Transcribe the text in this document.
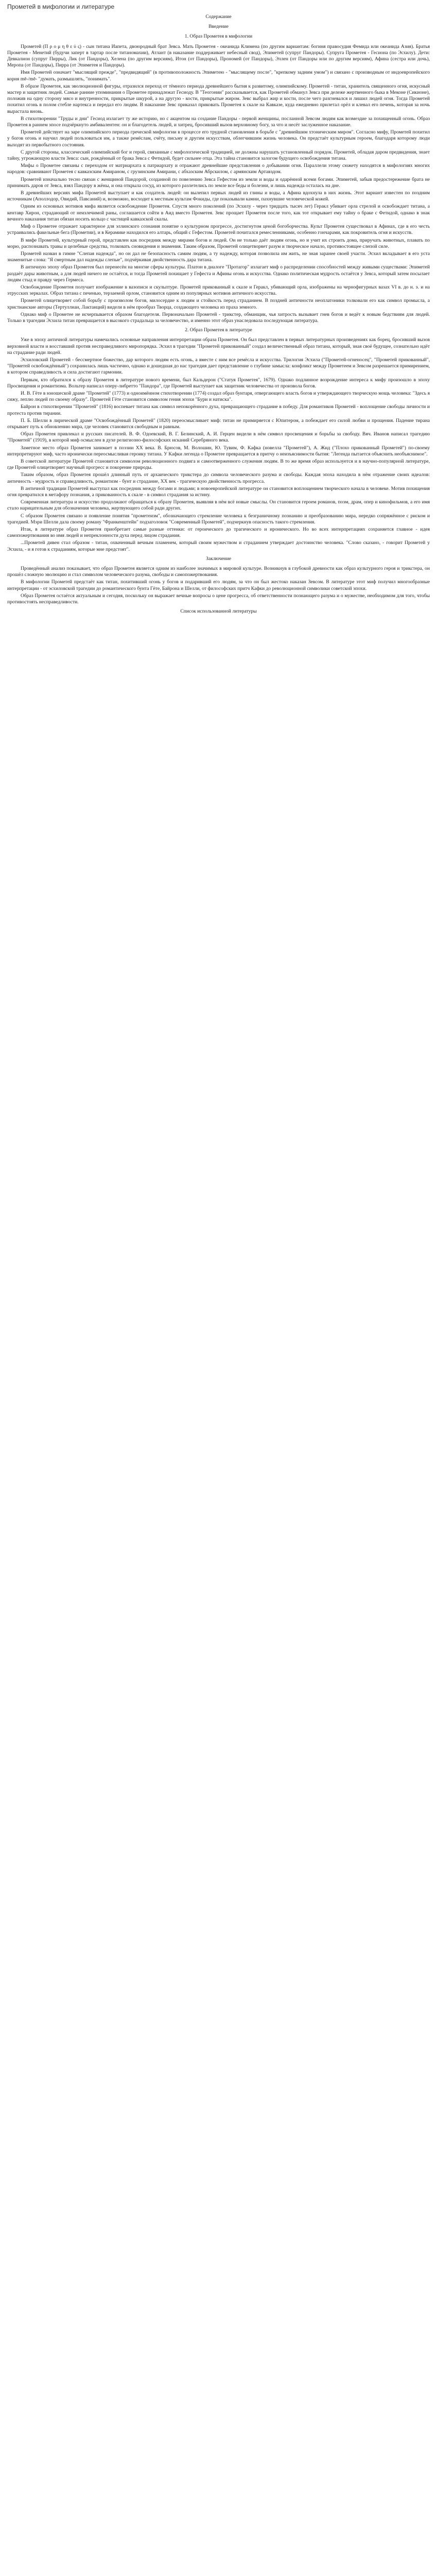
Прометей в мифологии и литературе
Содержание
Введение
1. Образ Прометея в мифологии

Прометей (Π ρ ο μ η θ ε ύ ς) - сын титана Иапета, двоюродный брат Зевса. Мать Прометея - океанида Климена (по другим вариантам: богиня правосудия Фемида или океанида Азия). Братья Прометея - Менетий (будучи заперт в тартар после титаномахии), Атлант (в наказание поддерживает небесный свод), Эпиметей (супруг Пандоры). Супруга Прометея - Гесиона (по Эсхилу). Дети: Девкалион (супруг Пирры), Лик (от Пандоры), Хелена (по другим версиям), Итон (от Пандоры), Прономей (от Пандоры), Эллен (от Пандоры или по другим версиям), Афина (сестра или дочь), Меропа (от Пандоры), Пирра (от Эпиметея и Пандоры).

Имя Прометей означает "мыслящий прежде", "предвидящий" (в противоположность Эпиметею - "мыслящему после", "крепкому задним умом") и связано с производным от индоевропейского корня mē-/mē- "думать, размышлять, "понимать".

В образе Прометея, как эволюционной фигуры, отразился переход от тёмного периода древнейшего бытия к развитому, олимпийскому. Прометей - титан, хранитель священного огня, искусный мастер и защитник людей. Самые ранние упоминания о Прометее принадлежат Гесиоду. В "Теогонии" рассказывается, как Прометей обманул Зевса при дележе жертвенного быка в Меконе (Сикионе), положив на одну сторону мясо и внутренности, прикрытые шкурой, а на другую - кости, прикрытые жиром. Зевс выбрал жир и кости, после чего разгневался и лишил людей огня. Тогда Прометей похитил огонь в полом стебле нартекса и передал его людям. В наказание Зевс приказал приковать Прометея к скале на Кавказе, куда ежедневно прилетал орёл и клевал его печень, которая за ночь вырастала вновь.

В стихотворении "Труды и дни" Гесиод излагает ту же историю, но с акцентом на создание Пандоры - первой женщины, посланной Зевсом людям как возмездие за похищенный огонь. Образ Прометея в раннем эпосе подчёркнуто амбивалентен: он и благодетель людей, и хитрец, бросивший вызов верховному богу, за что и несёт заслуженное наказание.

Прометей действует на заре олимпийского периода греческой мифологии в процессе его трудной становления в борьбе с "древнейшим хтоническим миром". Согласно мифу, Прометей похитил у богов огонь и научил людей пользоваться им, а также ремёслам, счёту, письму и другим искусствам, облегчившим жизнь человека. Он предстаёт культурным героем, благодаря которому люди выходят из первобытного состояния.

С другой стороны, классический олимпийский бог и герой, связанные с мифологической традицией, не должны нарушать установленный порядок. Прометей, обладая даром предвидения, знает тайну, угрожающую власти Зевса: сын, рождённый от брака Зевса с Фетидой, будет сильнее отца. Эта тайна становится залогом будущего освобождения титана.

Мифы о Прометее связаны с переходом от матриархата к патриархату и отражают древнейшие представления о добывании огня. Параллели этому сюжету находятся в мифологиях многих народов: сравнивают Прометея с кавказским Амираном, с грузинским Амирани, с абхазским Абрскилом, с армянским Артавздом.

Прометей изначально тесно связан с женщиной Пандорой, созданной по повелению Зевса Гефестом из земли и воды и одарённой всеми богами. Эпиметей, забыв предостережение брата не принимать даров от Зевса, взял Пандору в жёны, и она открыла сосуд, из которого разлетелись по земле все беды и болезни, и лишь надежда осталась на дне.

В древнейших версиях мифа Прометей выступает и как создатель людей: он вылепил первых людей из глины и воды, а Афина вдохнула в них жизнь. Этот вариант известен по поздним источникам (Аполлодор, Овидий, Павсаний) и, возможно, восходит к местным культам Фокиды, где показывали камни, пахнувшие человеческой кожей.

Одним из основных мотивов мифа является освобождение Прометея. Спустя много поколений (по Эсхилу - через тридцать тысяч лет) Геракл убивает орла стрелой и освобождает титана, а кентавр Хирон, страдающий от неизлечимой раны, соглашается сойти в Аид вместо Прометея. Зевс прощает Прометея после того, как тот открывает ему тайну о браке с Фетидой, однако в знак вечного наказания титан обязан носить кольцо с частицей кавказской скалы.

Миф о Прометее отражает характерное для эллинского сознания понятие о культурном прогрессе, достигнутом ценой богоборчества. Культ Прометея существовал в Афинах, где в его честь устраивались факельные бега (Прометии), и в Керамике находился его алтарь, общий с Гефестом. Прометей почитался ремесленниками, особенно гончарами, как покровитель огня и искусств.

В мифе Прометей, культурный герой, представлен как посредник между мирами богов и людей. Он не только даёт людям огонь, но и учит их строить дома, приручать животных, плавать по морю, распознавать травы и целебные средства, толковать сновидения и знамения. Таким образом, Прометей олицетворяет разум и творческое начало, противостоящее слепой силе.

Прометей назван в гимне "Слепая надежда", но он дал не безопасность самим людям, а ту надежду, которая позволила им жить, не зная заранее своей участи. Эсхил вкладывает в его уста знаменитые слова: "Я смертным дал надежды слепые", подчёркивая двойственность дара титана.

В античную эпоху образ Прометея был перенесён на многие сферы культуры. Платон в диалоге "Протагор" излагает миф о распределении способностей между живыми существами: Эпиметей раздаёт дары животным, а для людей ничего не остаётся, и тогда Прометей похищает у Гефеста и Афины огонь и искусства. Однако политическая мудрость остаётся у Зевса, который затем посылает людям стыд и правду через Гермеса.

Освобождение Прометея получает изображение в вазописи и скульптуре. Прометей прикованный к скале и Геракл, убивающий орла, изображены на чернофигурных вазах VI в. до н. э. и на этрусских зеркалах. Образ титана с печенью, терзаемой орлом, становится одним из популярных мотивов античного искусства.

Прометей олицетворяет собой борьбу с произволом богов, милосердие к людям и стойкость перед страданием. В поздней античности неоплатоники толковали его как символ промысла, а христианские авторы (Тертуллиан, Лактанций) видели в нём прообраз Творца, создающего человека из праха земного.

Однако миф о Прометее не исчерпывается образом благодетеля. Первоначально Прометей - трикстер, обманщик, чья хитрость вызывает гнев богов и ведёт к новым бедствиям для людей. Только в трагедии Эсхила титан превращается в высокого страдальца за человечество, и именно этот образ унаследовала последующая литература.

2. Образ Прометея в литературе

Уже в эпоху античной литературы намечались основные направления интерпретации образа Прометея. Он был представлен в первых литературных произведениях как борец, бросивший вызов верховной власти и восставший против несправедливого миропорядка. Эсхил в трагедии "Прометей прикованный" создал величественный образ титана, который, зная своё будущее, сознательно идёт на страдание ради людей.

Эсхиловский Прометей - бессмертное божество, дар которого людям есть огонь, а вместе с ним все ремёсла и искусства. Трилогия Эсхила ("Прометей-огненосец", "Прометей прикованный", "Прометей освобождённый") сохранилась лишь частично, однако и дошедшая до нас трагедия дает представление о глубине замысла: конфликт между Прометеем и Зевсом разрешается примирением, в котором справедливость и сила достигают гармонии.

Первым, кто обратился к образу Прометея в литературе нового времени, был Кальдерон ("Статуя Прометея", 1679). Однако подлинное возрождение интереса к мифу произошло в эпоху Просвещения и романтизма. Вольтер написал оперу-либретто "Пандора", где Прометей выступает как защитник человечества от произвола богов.

И. В. Гёте в юношеской драме "Прометей" (1773) и одноимённом стихотворении (1774) создал образ бунтаря, отвергающего власть богов и утверждающего творческую мощь человека: "Здесь я сижу, леплю людей по своему образу". Прометей Гёте становится символом гения эпохи "Бури и натиска".

Байрон в стихотворении "Прометей" (1816) воспевает титана как символ непокорённого духа, превращающего страдание в победу. Для романтиков Прометей - воплощение свободы личности и протеста против тирании.

П. Б. Шелли в лирической драме "Освобождённый Прометей" (1820) переосмысливает миф: титан не примиряется с Юпитером, а побеждает его силой любви и прощения. Падение тирана открывает путь к обновлению мира, где человек становится свободным и равным.

Образ Прометея привлекал и русских писателей. В. Ф. Одоевский, В. Г. Белинский, А. И. Герцен видели в нём символ просвещения и борьбы за свободу. Вяч. Иванов написал трагедию "Прометей" (1919), в которой миф осмыслен в духе религиозно-философских исканий Серебряного века.

Заметное место образ Прометея занимает в поэзии XX века. В. Брюсов, М. Волошин, Ю. Тувим, Ф. Кафка (новелла "Прометей"), А. Жид ("Плохо прикованный Прометей") по-своему интерпретируют миф, часто иронически переосмысливая героику титана. У Кафки легенда о Прометее превращается в притчу о неизъяснимости бытия: "Легенда пытается объяснить необъяснимое".

В советской литературе Прометей становится символом революционного подвига и самоотверженного служения людям. В то же время образ используется и в научно-популярной литературе, где Прометей олицетворяет научный прогресс и покорение природы.

Таким образом, образ Прометея прошёл длинный путь от архаического трикстера до символа человеческого разума и свободы. Каждая эпоха находила в нём отражение своих идеалов: античность - мудрость и справедливость, романтизм - бунт и страдание, XX век - трагическую двойственность прогресса.

В античной традиции Прометей выступал как посредник между богами и людьми; в новоевропейской литературе он становится воплощением творческого начала в человеке. Мотив похищения огня превратился в метафору познания, а прикованность к скале - в символ страдания за истину.

Современная литература и искусство продолжают обращаться к образу Прометея, выявляя в нём всё новые смыслы. Он становится героем романов, поэм, драм, опер и кинофильмов, а его имя стало нарицательным для обозначения человека, жертвующего собой ради других.

С образом Прометея связано и появление понятия "прометеизм", обозначающего стремление человека к безграничному познанию и преобразованию мира, нередко сопряжённое с риском и трагедией. Мэри Шелли дала своему роману "Франкенштейн" подзаголовок "Современный Прометей", подчеркнув опасность такого стремления.

Итак, в литературе образ Прометея приобретает самые разные оттенки: от героического до трагического и иронического. Но во всех интерпретациях сохраняется главное - идея самопожертвования во имя людей и непреклонности духа перед лицом страдания.

...Прометей дивен стал образом - титан, охваченный вечным пламенем, который своим мужеством и страданием утверждает достоинство человека. "Слово сказано, - говорит Прометей у Эсхила, - и я готов к страданиям, которые мне предстоят".

Заключение

Проведённый анализ показывает, что образ Прометея является одним из наиболее значимых в мировой культуре. Возникнув в глубокой древности как образ культурного героя и трикстера, он прошёл сложную эволюцию и стал символом человеческого разума, свободы и самопожертвования.

В мифологии Прометей предстаёт как титан, похитивший огонь у богов и подаривший его людям, за что он был жестоко наказан Зевсом. В литературе этот миф получил многообразные интерпретации - от эсхиловской трагедии до романтического бунта Гёте, Байрона и Шелли, от философских притч Кафки до революционной символики советской эпохи.

Образ Прометея остаётся актуальным и сегодня, поскольку он выражает вечные вопросы о цене прогресса, об ответственности познающего разума и о мужестве, необходимом для того, чтобы противостоять несправедливости.

Список использованной литературы
